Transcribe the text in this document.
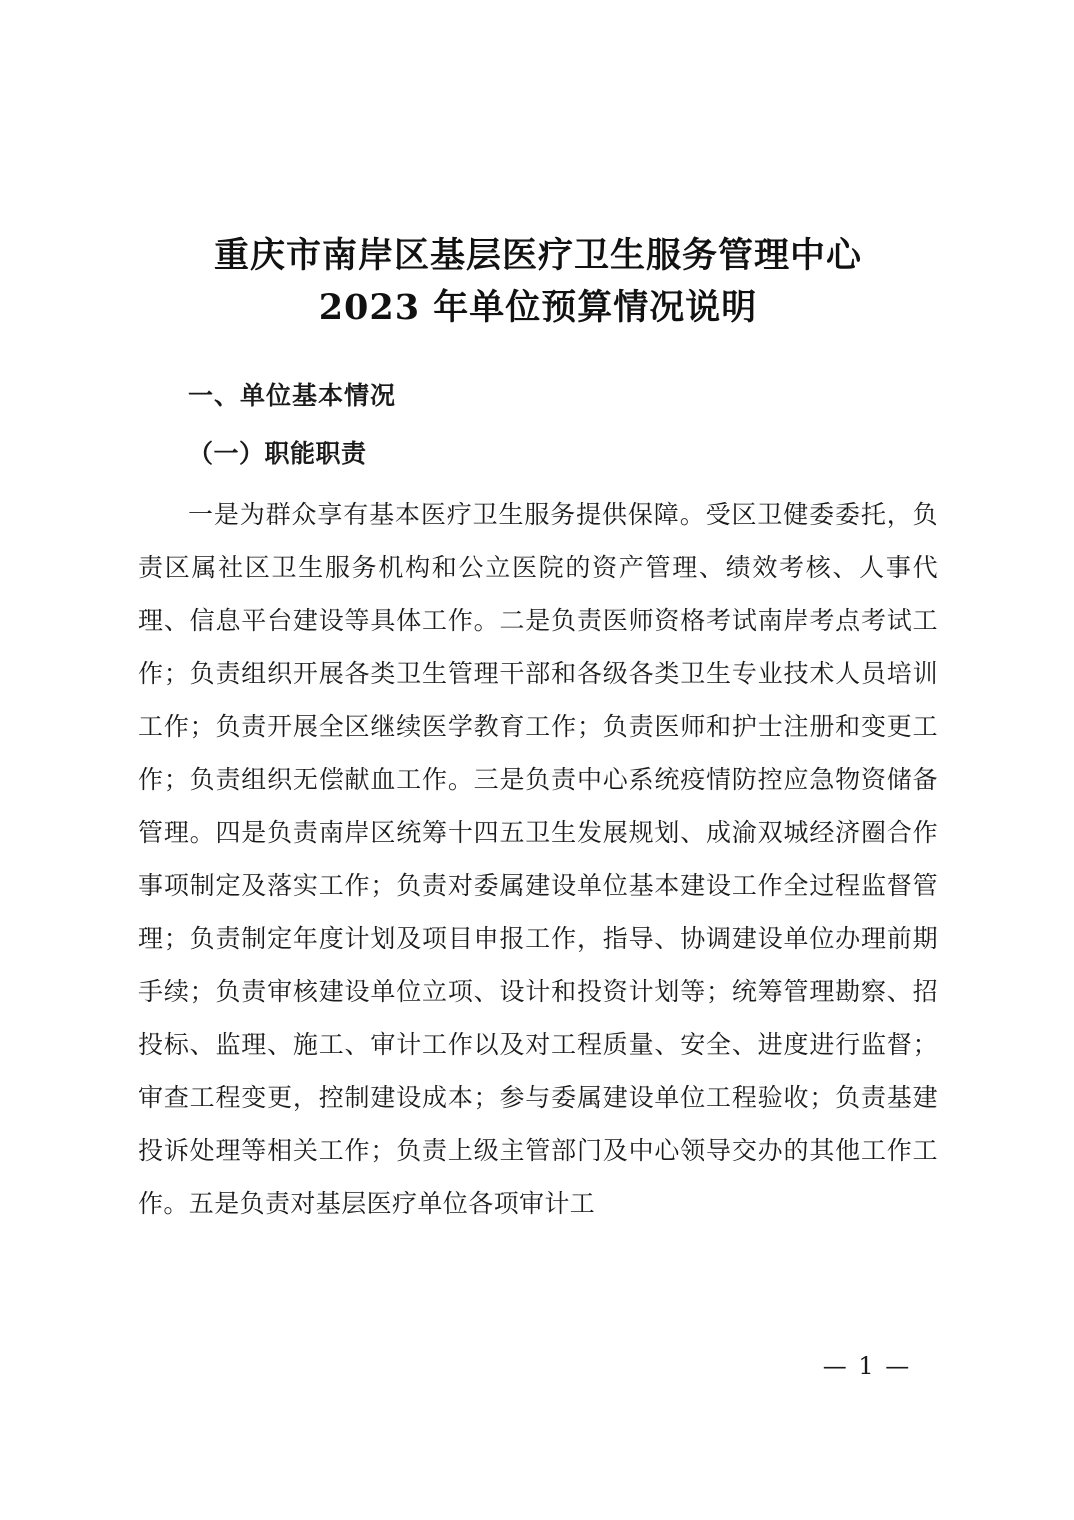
重庆市南岸区基层医疗卫生服务管理中心
2023 年单位预算情况说明
一、单位基本情况
（一）职能职责

一是为群众享有基本医疗卫生服务提供保障。受区卫健委委托，负责区属社区卫生服务机构和公立医院的资产管理、绩效考核、人事代理、信息平台建设等具体工作。二是负责医师资格考试南岸考点考试工作；负责组织开展各类卫生管理干部和各级各类卫生专业技术人员培训工作；负责开展全区继续医学教育工作；负责医师和护士注册和变更工作；负责组织无偿献血工作。三是负责中心系统疫情防控应急物资储备管理。四是负责南岸区统筹十四五卫生发展规划、成渝双城经济圈合作事项制定及落实工作；负责对委属建设单位基本建设工作全过程监督管理；负责制定年度计划及项目申报工作，指导、协调建设单位办理前期手续；负责审核建设单位立项、设计和投资计划等；统筹管理勘察、招投标、监理、施工、审计工作以及对工程质量、安全、进度进行监督；审查工程变更，控制建设成本；参与委属建设单位工程验收；负责基建投诉处理等相关工作；负责上级主管部门及中心领导交办的其他工作工作。五是负责对基层医疗单位各项审计工

— 1 —
